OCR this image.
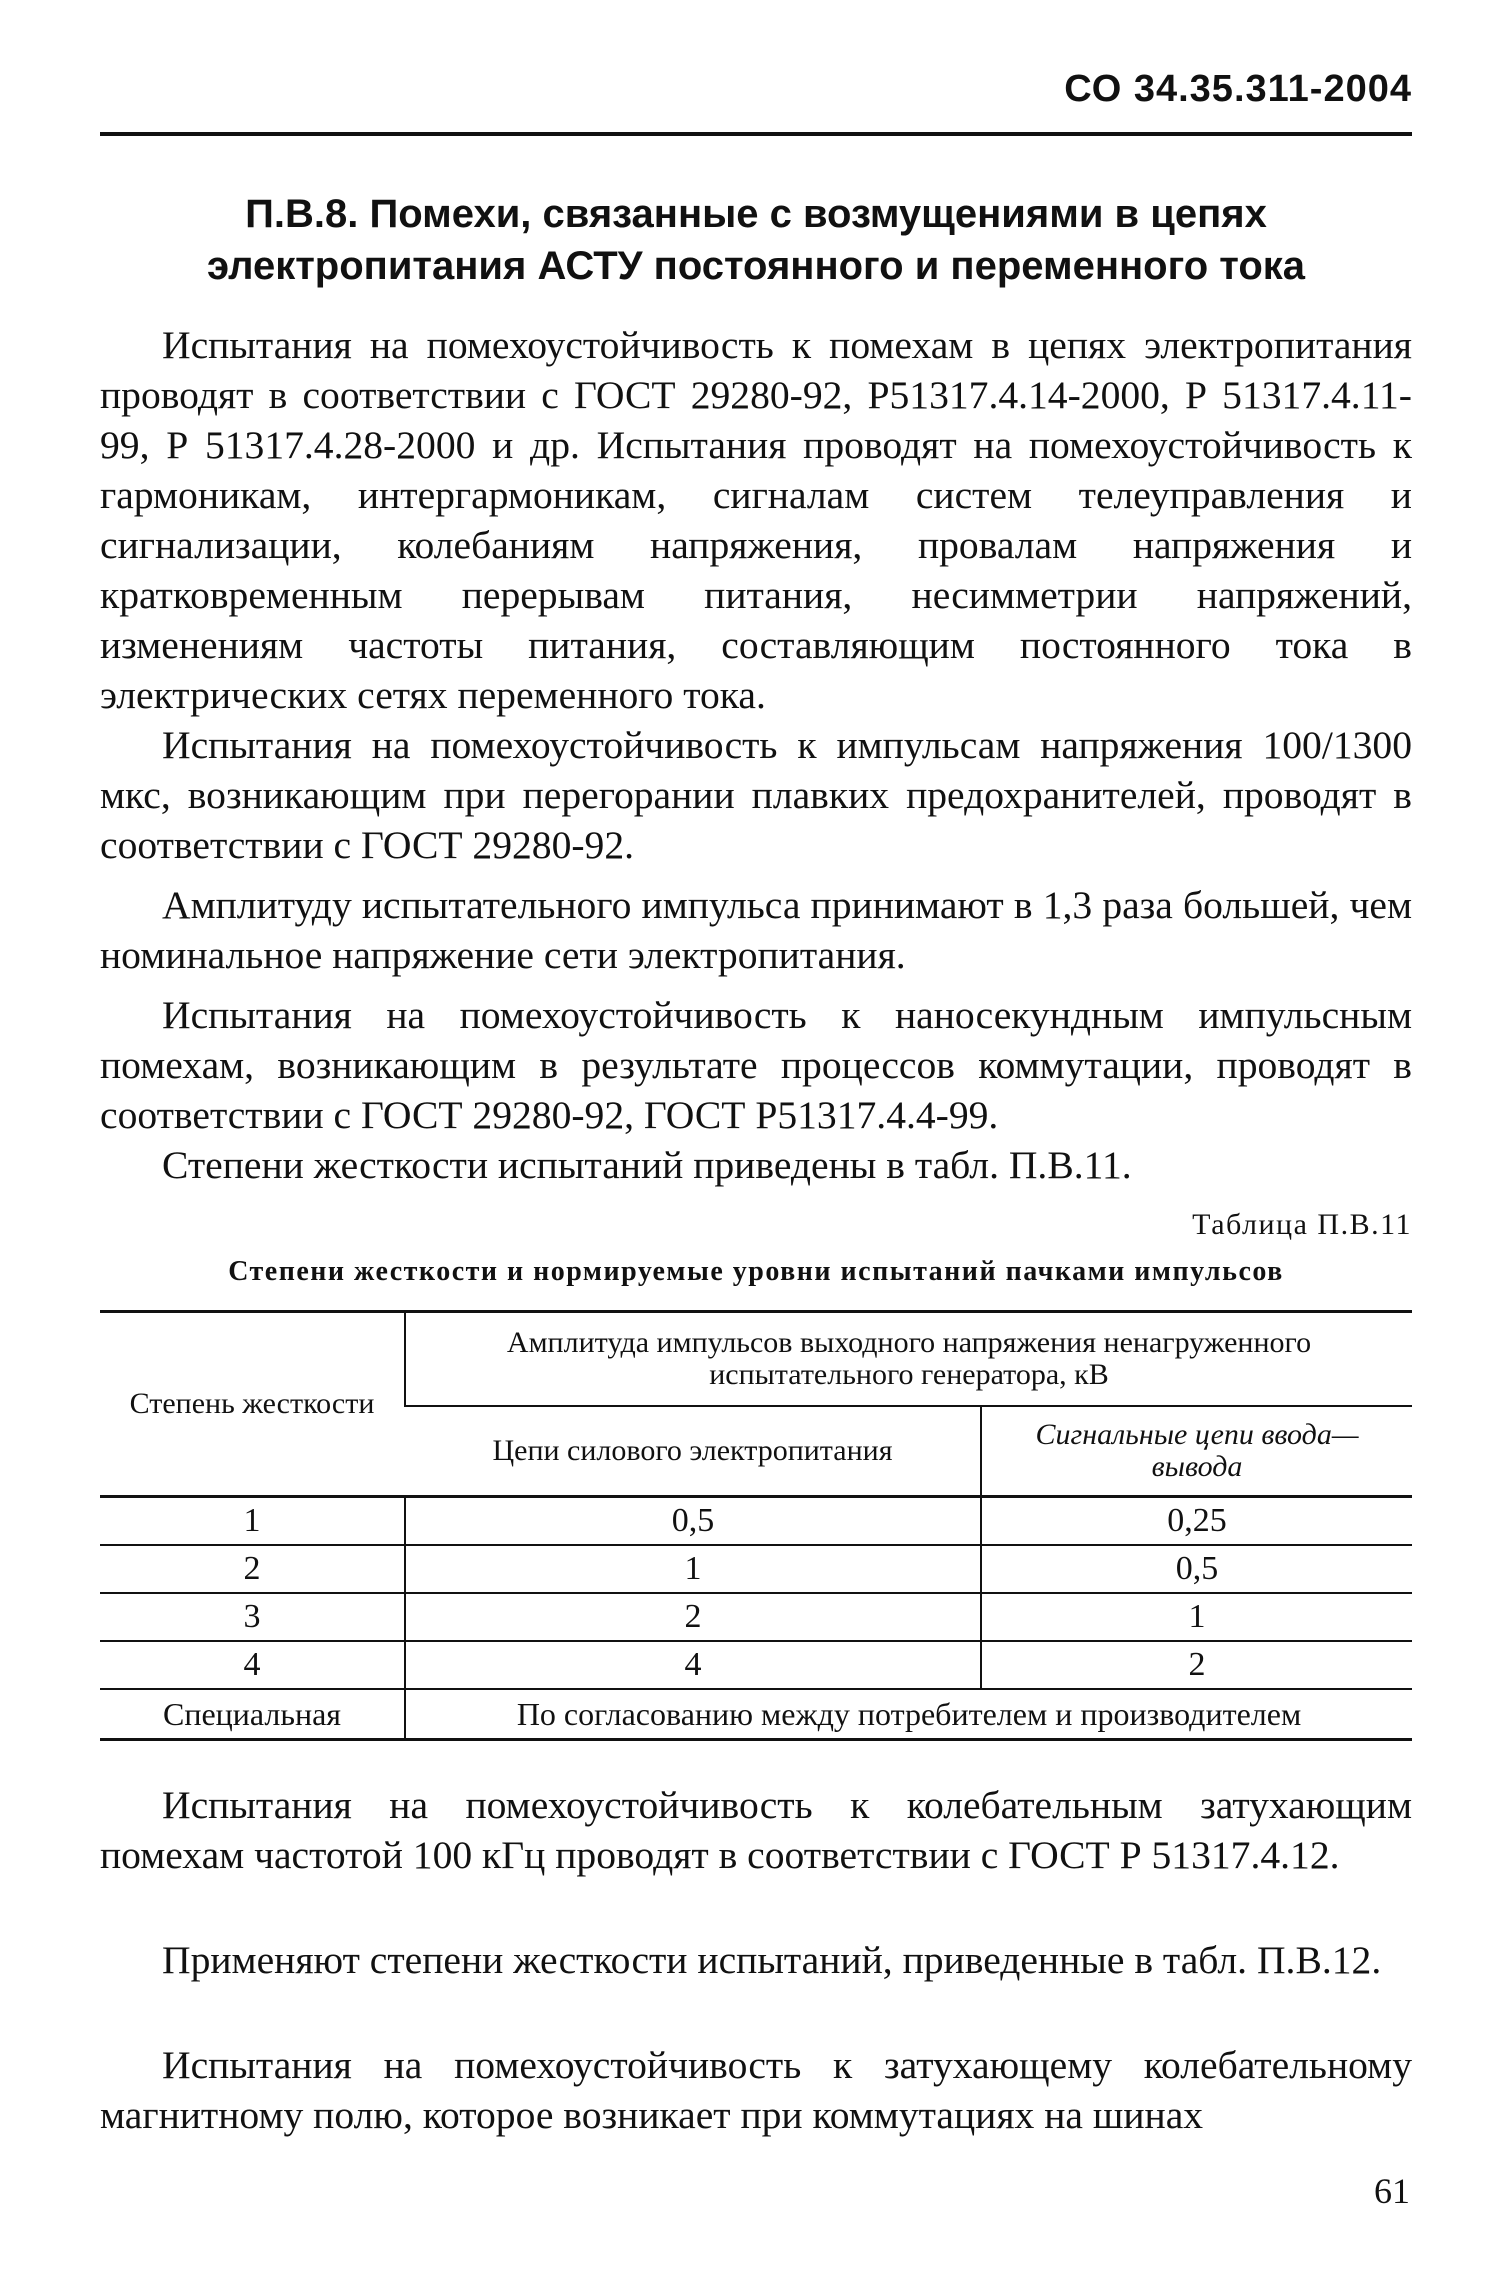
СО 34.35.311-2004
П.В.8. Помехи, связанные с возмущениями в цепях
электропитания АСТУ постоянного и переменного тока

Испытания на помехоустойчивость к помехам в цепях электропитания проводят в соответствии с ГОСТ 29280-92, Р51317.4.14-2000, Р 51317.4.11-99, Р 51317.4.28-2000 и др. Испытания проводят на помехоустойчивость к гармоникам, интергармоникам, сигналам систем телеуправления и сигнализации, колебаниям напряжения, провалам напряжения и кратковременным перерывам питания, несимметрии напряжений, изменениям частоты питания, составляющим постоянного тока в электрических сетях переменного тока.

Испытания на помехоустойчивость к импульсам напряжения 100/1300 мкс, возникающим при перегорании плавких предохранителей, проводят в соответствии с ГОСТ 29280-92.

Амплитуду испытательного импульса принимают в 1,3 раза большей, чем номинальное напряжение сети электропитания.

Испытания на помехоустойчивость к наносекундным импульсным помехам, возникающим в результате процессов коммутации, проводят в соответствии с ГОСТ 29280-92, ГОСТ Р51317.4.4-99.

Степени жесткости испытаний приведены в табл. П.В.11.

Таблица П.В.11
Степени жесткости и нормируемые уровни испытаний пачками импульсов
Степень жесткости	Амплитуда импульсов выходного напряжения ненагруженного испытательного генератора, кВ	
	Цепи силового электропитания	Сигнальные цепи ввода— вывода
1	0,5	0,25
2	1	0,5
3	2	1
4	4	2
Специальная	По согласованию между потребителем и производителем	

Испытания на помехоустойчивость к колебательным затухающим помехам частотой 100 кГц проводят в соответствии с ГОСТ Р 51317.4.12.

Применяют степени жесткости испытаний, приведенные в табл. П.В.12.

Испытания на помехоустойчивость к затухающему колебательному магнитному полю, которое возникает при коммутациях на шинах

61
